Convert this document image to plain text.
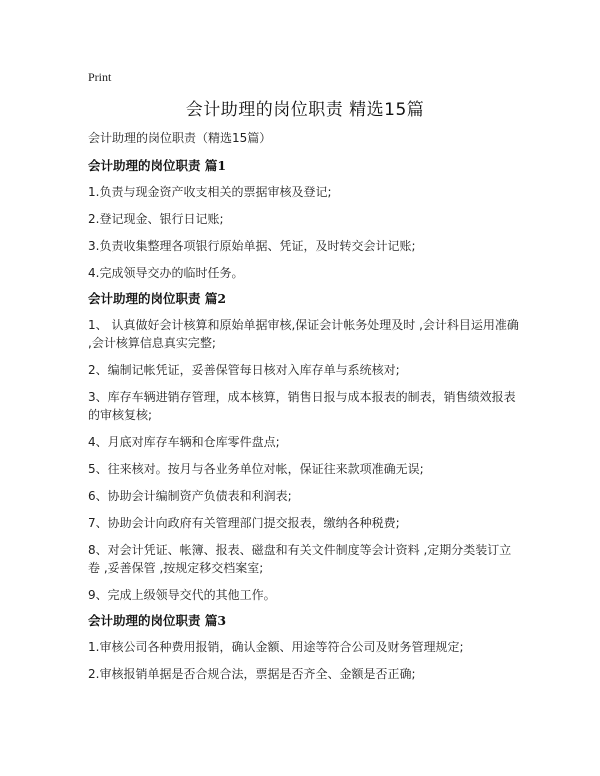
Print
会计助理的岗位职责 精选15篇
会计助理的岗位职责（精选15篇）
会计助理的岗位职责 篇1

1.负责与现金资产收支相关的票据审核及登记;

2.登记现金、银行日记账;

3.负责收集整理各项银行原始单据、凭证，及时转交会计记账;

4.完成领导交办的临时任务。

会计助理的岗位职责 篇2

1、 认真做好会计核算和原始单据审核,保证会计帐务处理及时 ,会计科目运用准确 ,会计核算信息真实完整;

2、编制记帐凭证，妥善保管每日核对入库存单与系统核对;

3、库存车辆进销存管理，成本核算，销售日报与成本报表的制表，销售绩效报表的审核复核;

4、月底对库存车辆和仓库零件盘点;

5、往来核对。按月与各业务单位对帐，保证往来款项准确无误;

6、协助会计编制资产负债表和利润表;

7、协助会计向政府有关管理部门提交报表，缴纳各种税费;

8、对会计凭证、帐簿、报表、磁盘和有关文件制度等会计资料 ,定期分类装订立卷 ,妥善保管 ,按规定移交档案室;

9、完成上级领导交代的其他工作。

会计助理的岗位职责 篇3

1.审核公司各种费用报销，确认金额、用途等符合公司及财务管理规定;

2.审核报销单据是否合规合法，票据是否齐全、金额是否正确;
